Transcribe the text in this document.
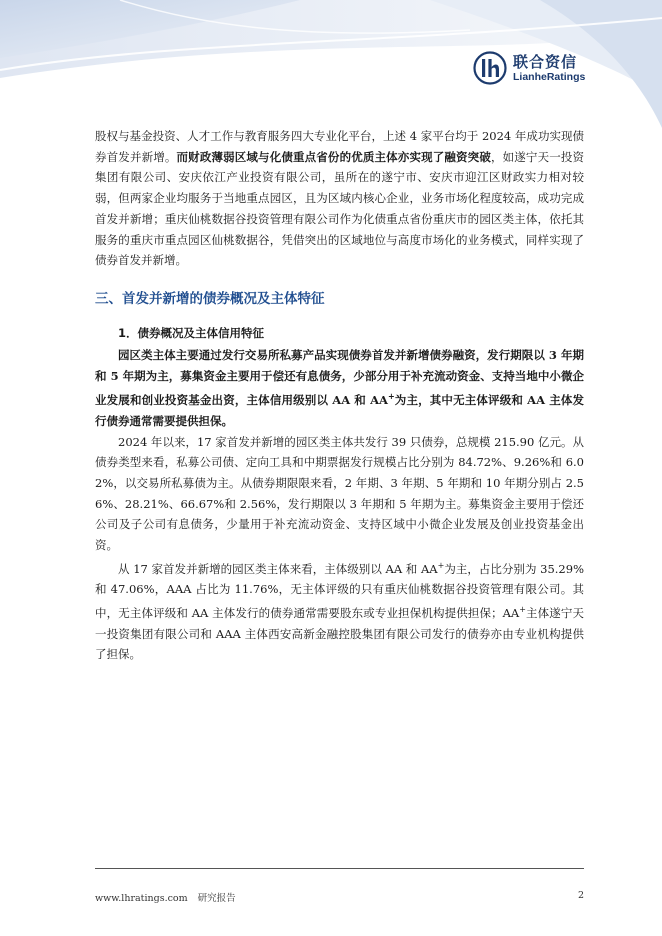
联合资信
LianheRatings

股权与基金投资、人才工作与教育服务四大专业化平台，上述 4 家平台均于 2024 年成功实现债券首发并新增。而财政薄弱区域与化债重点省份的优质主体亦实现了融资突破，如遂宁天一投资集团有限公司、安庆依江产业投资有限公司，虽所在的遂宁市、安庆市迎江区财政实力相对较弱，但两家企业均服务于当地重点园区，且为区域内核心企业，业务市场化程度较高，成功完成首发并新增；重庆仙桃数据谷投资管理有限公司作为化债重点省份重庆市的园区类主体，依托其服务的重庆市重点园区仙桃数据谷，凭借突出的区域地位与高度市场化的业务模式，同样实现了债券首发并新增。

三、首发并新增的债券概况及主体特征
1．债券概况及主体信用特征

园区类主体主要通过发行交易所私募产品实现债券首发并新增债券融资，发行期限以 3 年期和 5 年期为主，募集资金主要用于偿还有息债务，少部分用于补充流动资金、支持当地中小微企业发展和创业投资基金出资，主体信用级别以 AA 和 AA+为主，其中无主体评级和 AA 主体发行债券通常需要提供担保。

2024 年以来，17 家首发并新增的园区类主体共发行 39 只债券，总规模 215.90 亿元。从债券类型来看，私募公司债、定向工具和中期票据发行规模占比分别为 84.72%、9.26%和 6.02%，以交易所私募债为主。从债券期限限来看，2 年期、3 年期、5 年期和 10 年期分别占 2.56%、28.21%、66.67%和 2.56%，发行期限以 3 年期和 5 年期为主。募集资金主要用于偿还公司及子公司有息债务，少量用于补充流动资金、支持区域中小微企业发展及创业投资基金出资。

从 17 家首发并新增的园区类主体来看，主体级别以 AA 和 AA+为主，占比分别为 35.29%和 47.06%，AAA 占比为 11.76%，无主体评级的只有重庆仙桃数据谷投资管理有限公司。其中，无主体评级和 AA 主体发行的债券通常需要股东或专业担保机构提供担保；AA+主体遂宁天一投资集团有限公司和 AAA 主体西安高新金融控股集团有限公司发行的债券亦由专业机构提供了担保。

www.lhratings.com 研究报告	2
